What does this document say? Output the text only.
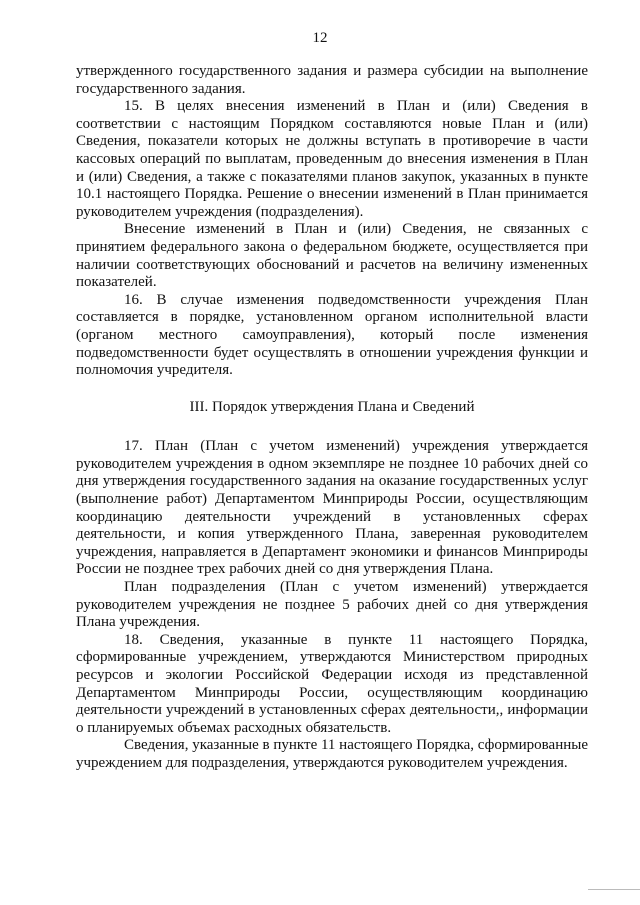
12

утвержденного государственного задания и размера субсидии на выполнение государственного задания.

15. В целях внесения изменений в План и (или) Сведения в соответствии с настоящим Порядком составляются новые План и (или) Сведения, показатели которых не должны вступать в противоречие в части кассовых операций по выплатам, проведенным до внесения изменения в План и (или) Сведения, а также с показателями планов закупок, указанных в пункте 10.1 настоящего Порядка. Решение о внесении изменений в План принимается руководителем учреждения (подразделения).

Внесение изменений в План и (или) Сведения, не связанных с принятием федерального закона о федеральном бюджете, осуществляется при наличии соответствующих обоснований и расчетов на величину измененных показателей.

16. В случае изменения подведомственности учреждения План составляется в порядке, установленном органом исполнительной власти (органом местного самоуправления), который после изменения подведомственности будет осуществлять в отношении учреждения функции и полномочия учредителя.

III. Порядок утверждения Плана и Сведений

17. План (План с учетом изменений) учреждения утверждается руководителем учреждения в одном экземпляре не позднее 10 рабочих дней со дня утверждения государственного задания на оказание государственных услуг (выполнение работ) Департаментом Минприроды России, осуществляющим координацию деятельности учреждений в установленных сферах деятельности, и копия утвержденного Плана, заверенная руководителем учреждения, направляется в Департамент экономики и финансов Минприроды России не позднее трех рабочих дней со дня утверждения Плана.

План подразделения (План с учетом изменений) утверждается руководителем учреждения не позднее 5 рабочих дней со дня утверждения Плана учреждения.

18. Сведения, указанные в пункте 11 настоящего Порядка, сформированные учреждением, утверждаются Министерством природных ресурсов и экологии Российской Федерации исходя из представленной Департаментом Минприроды России, осуществляющим координацию деятельности учреждений в установленных сферах деятельности,, информации о планируемых объемах расходных обязательств.

Сведения, указанные в пункте 11 настоящего Порядка, сформированные учреждением для подразделения, утверждаются руководителем учреждения.
